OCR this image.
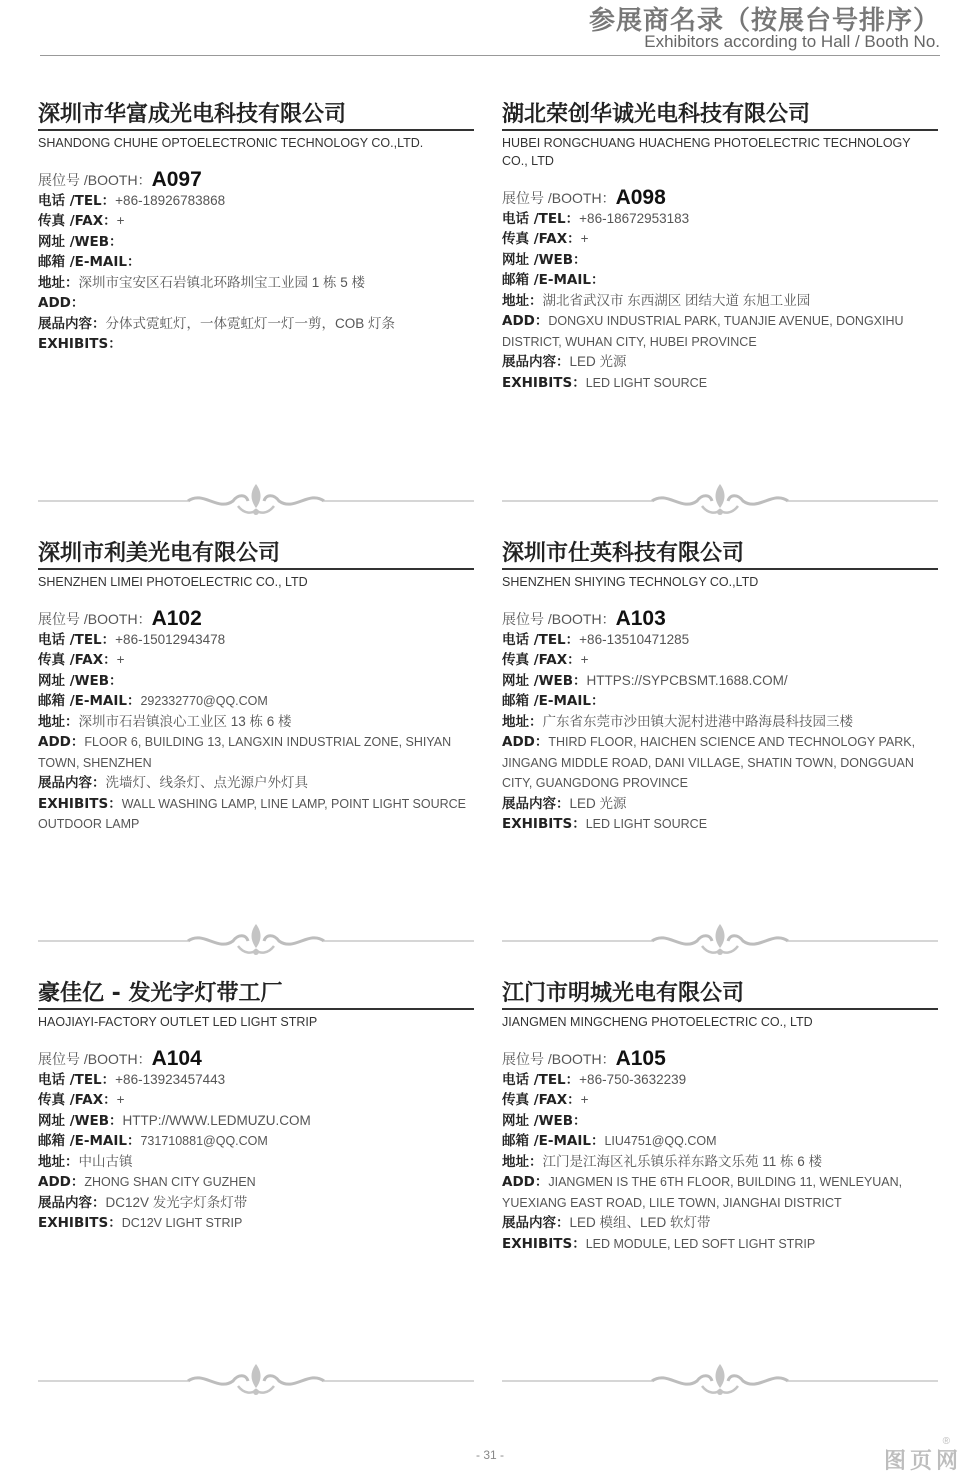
参展商名录（按展台号排序）
Exhibitors according to Hall / Booth No.
深圳市华富成光电科技有限公司
SHANDONG CHUHE OPTOELECTRONIC TECHNOLOGY CO.,LTD.
展位号 /BOOTH：A097
电话 /TEL：+86-18926783868
传真 /FAX：+
网址 /WEB：
邮箱 /E-MAIL：
地址：深圳市宝安区石岩镇北环路圳宝工业园 1 栋 5 楼
ADD：
展品内容：分体式霓虹灯，一体霓虹灯一灯一剪，COB 灯条
EXHIBITS：
湖北荣创华诚光电科技有限公司
HUBEI RONGCHUANG HUACHENG PHOTOELECTRIC TECHNOLOGY CO., LTD
展位号 /BOOTH：A098
电话 /TEL：+86-18672953183
传真 /FAX：+
网址 /WEB：
邮箱 /E-MAIL：
地址：湖北省武汉市 东西湖区 团结大道 东旭工业园
ADD：DONGXU INDUSTRIAL PARK, TUANJIE AVENUE, DONGXIHU DISTRICT, WUHAN CITY, HUBEI PROVINCE
展品内容：LED 光源
EXHIBITS：LED LIGHT SOURCE
深圳市利美光电有限公司
SHENZHEN LIMEI PHOTOELECTRIC CO., LTD
展位号 /BOOTH：A102
电话 /TEL：+86-15012943478
传真 /FAX：+
网址 /WEB：
邮箱 /E-MAIL：292332770@QQ.COM
地址：深圳市石岩镇浪心工业区 13 栋 6 楼
ADD：FLOOR 6, BUILDING 13, LANGXIN INDUSTRIAL ZONE, SHIYAN TOWN, SHENZHEN
展品内容：洗墙灯、线条灯、点光源户外灯具
EXHIBITS：WALL WASHING LAMP, LINE LAMP, POINT LIGHT SOURCE OUTDOOR LAMP
深圳市仕英科技有限公司
SHENZHEN SHIYING TECHNOLGY CO.,LTD
展位号 /BOOTH：A103
电话 /TEL：+86-13510471285
传真 /FAX：+
网址 /WEB：HTTPS://SYPCBSMT.1688.COM/
邮箱 /E-MAIL：
地址：广东省东莞市沙田镇大泥村进港中路海晨科技园三楼
ADD：THIRD FLOOR, HAICHEN SCIENCE AND TECHNOLOGY PARK, JINGANG MIDDLE ROAD, DANI VILLAGE, SHATIN TOWN, DONGGUAN CITY, GUANGDONG PROVINCE
展品内容：LED 光源
EXHIBITS：LED LIGHT SOURCE
豪佳亿 - 发光字灯带工厂
HAOJIAYI-FACTORY OUTLET LED LIGHT STRIP
展位号 /BOOTH：A104
电话 /TEL：+86-13923457443
传真 /FAX：+
网址 /WEB：HTTP://WWW.LEDMUZU.COM
邮箱 /E-MAIL：731710881@QQ.COM
地址：中山古镇
ADD：ZHONG SHAN CITY GUZHEN
展品内容：DC12V 发光字灯条灯带
EXHIBITS：DC12V LIGHT STRIP
江门市明城光电有限公司
JIANGMEN MINGCHENG PHOTOELECTRIC CO., LTD
展位号 /BOOTH：A105
电话 /TEL：+86-750-3632239
传真 /FAX：+
网址 /WEB：
邮箱 /E-MAIL：LIU4751@QQ.COM
地址：江门是江海区礼乐镇乐祥东路文乐苑 11 栋 6 楼
ADD：JIANGMEN IS THE 6TH FLOOR, BUILDING 11, WENLEYUAN, YUEXIANG EAST ROAD, LILE TOWN, JIANGHAI DISTRICT
展品内容：LED 模组、LED 软灯带
EXHIBITS：LED MODULE, LED SOFT LIGHT STRIP
- 31 -
®
图页网
